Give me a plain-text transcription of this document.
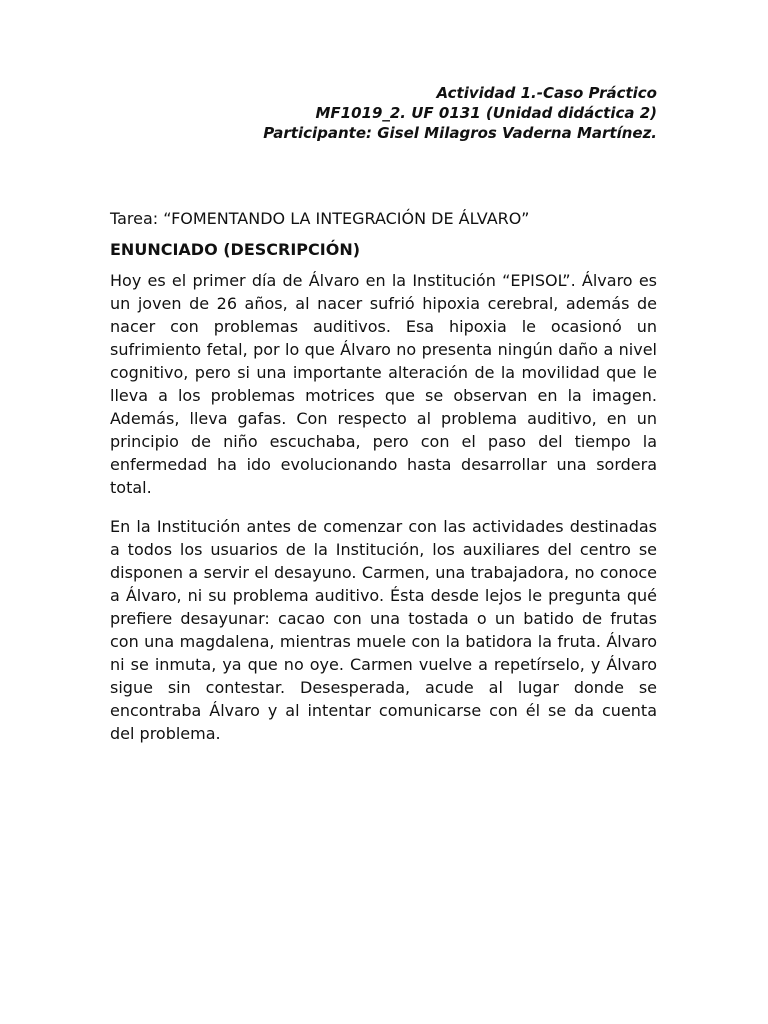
Actividad 1.-Caso Práctico
MF1019_2. UF 0131 (Unidad didáctica 2)
Participante: Gisel Milagros Vaderna Martínez.
Tarea: “FOMENTANDO LA INTEGRACIÓN DE ÁLVARO”
ENUNCIADO (DESCRIPCIÓN)

Hoy es el primer día de Álvaro en la Institución “EPISOL”. Álvaro es un joven de 26 años, al nacer sufrió hipoxia cerebral, además de nacer con problemas auditivos. Esa hipoxia le ocasionó un sufrimiento fetal, por lo que Álvaro no presenta ningún daño a nivel cognitivo, pero si una importante alteración de la movilidad que le lleva a los problemas motrices que se observan en la imagen. Además, lleva gafas. Con respecto al problema auditivo, en un principio de niño escuchaba, pero con el paso del tiempo la enfermedad ha ido evolucionando hasta desarrollar una sordera total.

En la Institución antes de comenzar con las actividades destinadas a todos los usuarios de la Institución, los auxiliares del centro se disponen a servir el desayuno. Carmen, una trabajadora, no conoce a Álvaro, ni su problema auditivo. Ésta desde lejos le pregunta qué prefiere desayunar: cacao con una tostada o un batido de frutas con una magdalena, mientras muele con la batidora la fruta. Álvaro ni se inmuta, ya que no oye. Carmen vuelve a repetírselo, y Álvaro sigue sin contestar. Desesperada, acude al lugar donde se encontraba Álvaro y al intentar comunicarse con él se da cuenta del problema.
